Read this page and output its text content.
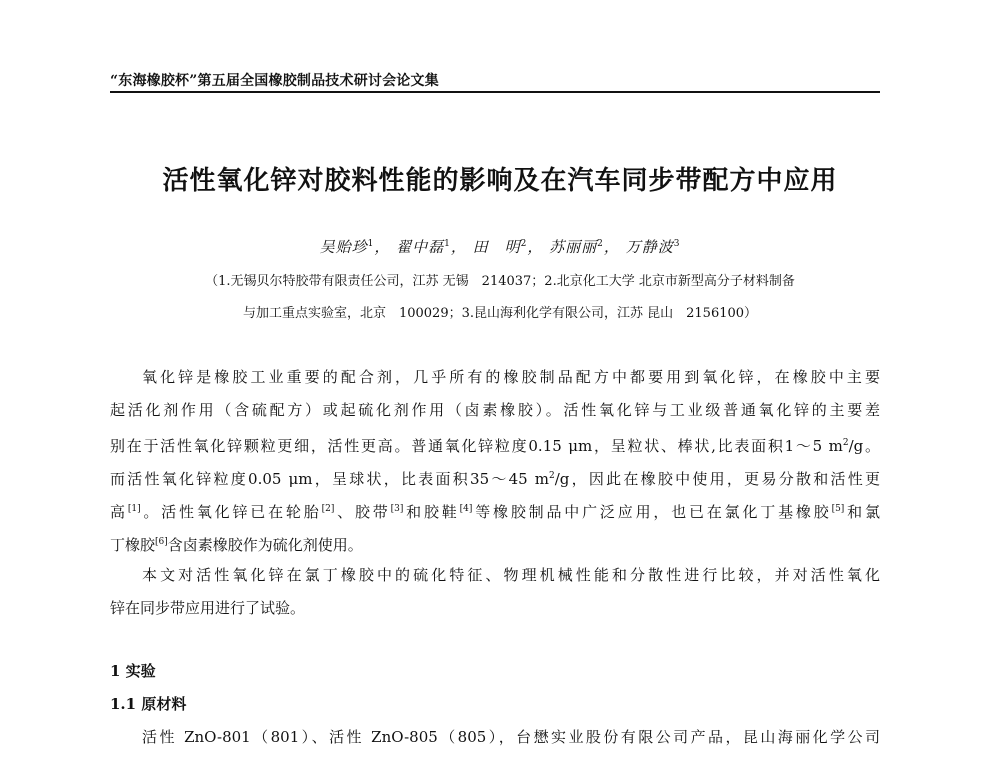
“东海橡胶杯”第五届全国橡胶制品技术研讨会论文集
活性氧化锌对胶料性能的影响及在汽车同步带配方中应用
吴贻珍$^1$， 翟中磊$^1$， 田　明$^2$， 苏丽丽$^2$， 万静波$^3$
（1.无锡贝尔特胶带有限责任公司，江苏 无锡　214037；2.北京化工大学 北京市新型高分子材料制备
与加工重点实验室，北京　100029；3.昆山海利化学有限公司，江苏 昆山　2156100）
氧化锌是橡胶工业重要的配合剂，几乎所有的橡胶制品配方中都要用到氧化锌，在橡胶中主要
起活化剂作用（含硫配方）或起硫化剂作用（卤素橡胶）。活性氧化锌与工业级普通氧化锌的主要差
别在于活性氧化锌颗粒更细，活性更高。普通氧化锌粒度0.15 μm，呈粒状、棒状,比表面积1～5 $m^2/g$。
而活性氧化锌粒度0.05 μm，呈球状，比表面积35～45 $m^2/g$，因此在橡胶中使用，更易分散和活性更
高[1]。活性氧化锌已在轮胎[2]、胶带[3]和胶鞋[4]等橡胶制品中广泛应用，也已在氯化丁基橡胶[5]和氯
丁橡胶[6]含卤素橡胶作为硫化剂使用。
本文对活性氧化锌在氯丁橡胶中的硫化特征、物理机械性能和分散性进行比较，并对活性氧化
锌在同步带应用进行了试验。
1 实验
1.1 原材料
活性 ZnO-801（801）、活性 ZnO-805（805），台懋实业股份有限公司产品，昆山海丽化学公司
